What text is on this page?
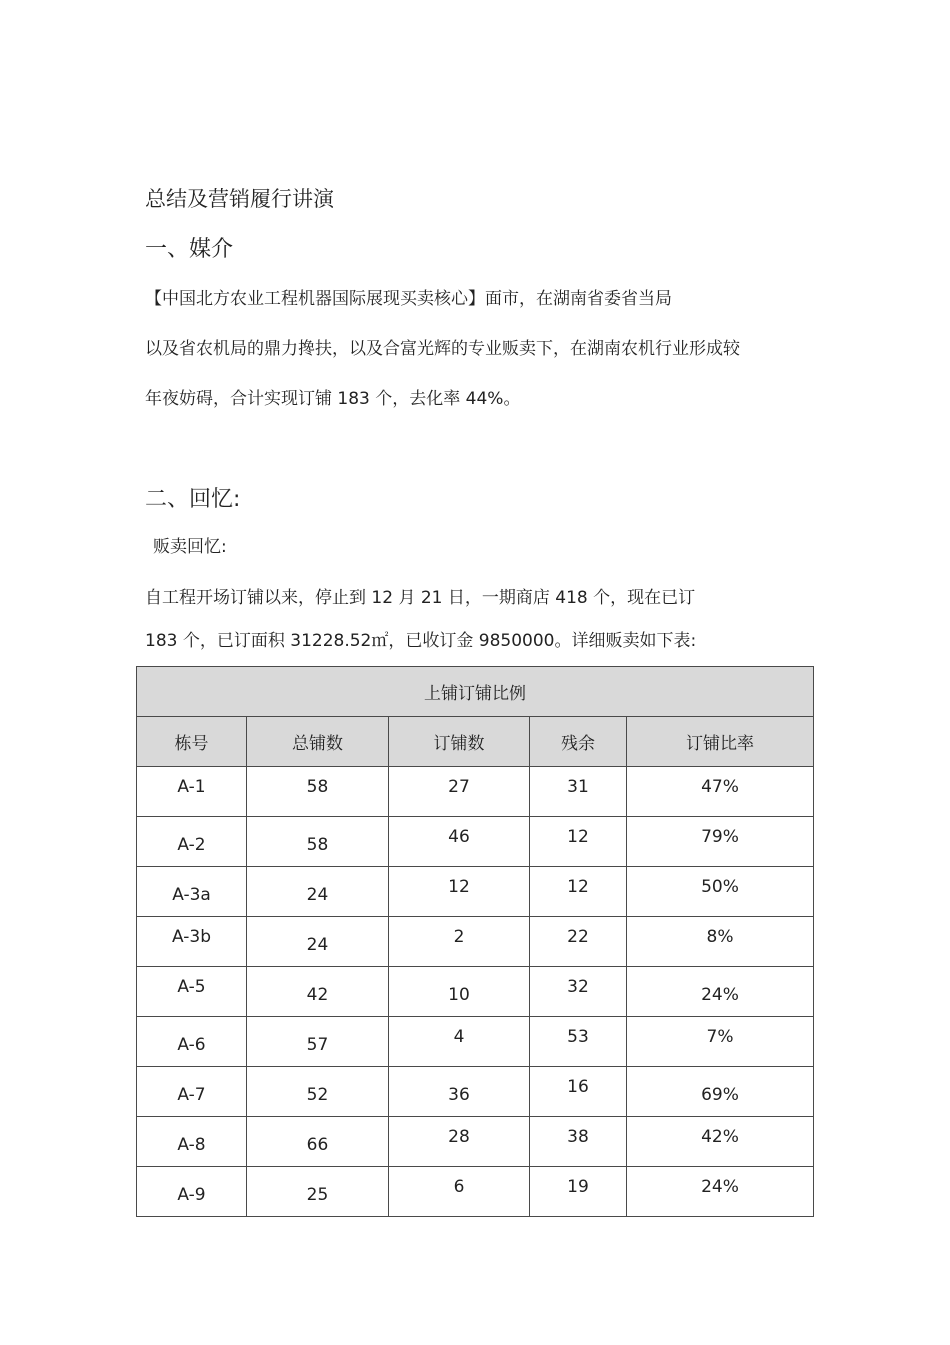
总结及营销履行讲演
一、媒介
【中国北方农业工程机器国际展现买卖核心】面市，在湖南省委省当局
以及省农机局的鼎力搀扶，以及合富光辉的专业贩卖下，在湖南农机行业形成较
年夜妨碍，合计实现订铺 183 个，去化率 44%。
二、回忆:
贩卖回忆:
自工程开场订铺以来，停止到 12 月 21 日，一期商店 418 个，现在已订
183 个，已订面积 31228.52㎡，已收订金 9850000。详细贩卖如下表:
上铺订铺比例				
栋号	总铺数	订铺数	残余	订铺比率

A-1	58	27	31	47%

A-2	58	46	12	79%

A-3a	24	12	12	50%

A-3b	24	2	22	8%

A-5	42	10	32	24%

A-6	57	4	53	7%

A-7	52	36	16	69%

A-8	66	28	38	42%

A-9	25	6	19	24%
